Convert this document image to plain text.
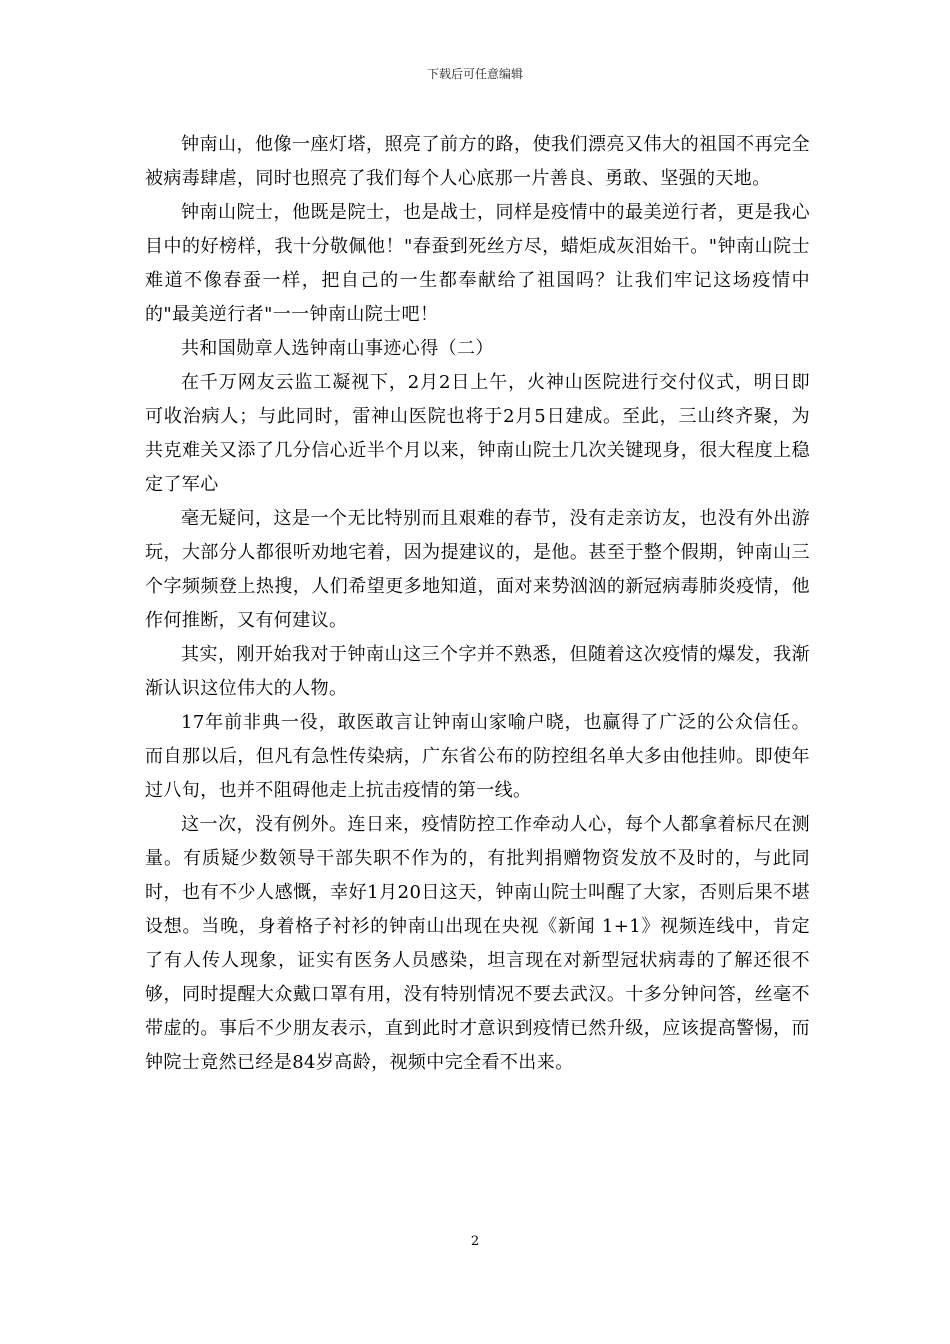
下载后可任意编辑

钟南山，他像一座灯塔，照亮了前方的路，使我们漂亮又伟大的祖国不再完全被病毒肆虐，同时也照亮了我们每个人心底那一片善良、勇敢、坚强的天地。

钟南山院士，他既是院士，也是战士，同样是疫情中的最美逆行者，更是我心目中的好榜样，我十分敬佩他！"春蚕到死丝方尽，蜡炬成灰泪始干。"钟南山院士难道不像春蚕一样，把自己的一生都奉献给了祖国吗？让我们牢记这场疫情中的"最美逆行者"一一钟南山院士吧！

共和国勋章人选钟南山事迹心得（二）

在千万网友云监工凝视下，2月2日上午，火神山医院进行交付仪式，明日即可收治病人；与此同时，雷神山医院也将于2月5日建成。至此，三山终齐聚，为共克难关又添了几分信心近半个月以来，钟南山院士几次关键现身，很大程度上稳定了军心

毫无疑问，这是一个无比特别而且艰难的春节，没有走亲访友，也没有外出游玩，大部分人都很听劝地宅着，因为提建议的，是他。甚至于整个假期，钟南山三个字频频登上热搜，人们希望更多地知道，面对来势汹汹的新冠病毒肺炎疫情，他作何推断，又有何建议。

其实，刚开始我对于钟南山这三个字并不熟悉，但随着这次疫情的爆发，我渐渐认识这位伟大的人物。

17年前非典一役，敢医敢言让钟南山家喻户晓，也赢得了广泛的公众信任。而自那以后，但凡有急性传染病，广东省公布的防控组名单大多由他挂帅。即使年过八旬，也并不阻碍他走上抗击疫情的第一线。

这一次，没有例外。连日来，疫情防控工作牵动人心，每个人都拿着标尺在测量。有质疑少数领导干部失职不作为的，有批判捐赠物资发放不及时的，与此同时，也有不少人感慨，幸好1月20日这天，钟南山院士叫醒了大家，否则后果不堪设想。当晚，身着格子衬衫的钟南山出现在央视《新闻 1+1》视频连线中，肯定了有人传人现象，证实有医务人员感染，坦言现在对新型冠状病毒的了解还很不够，同时提醒大众戴口罩有用，没有特别情况不要去武汉。十多分钟问答，丝毫不带虚的。事后不少朋友表示，直到此时才意识到疫情已然升级，应该提高警惕，而钟院士竟然已经是84岁高龄，视频中完全看不出来。

2
